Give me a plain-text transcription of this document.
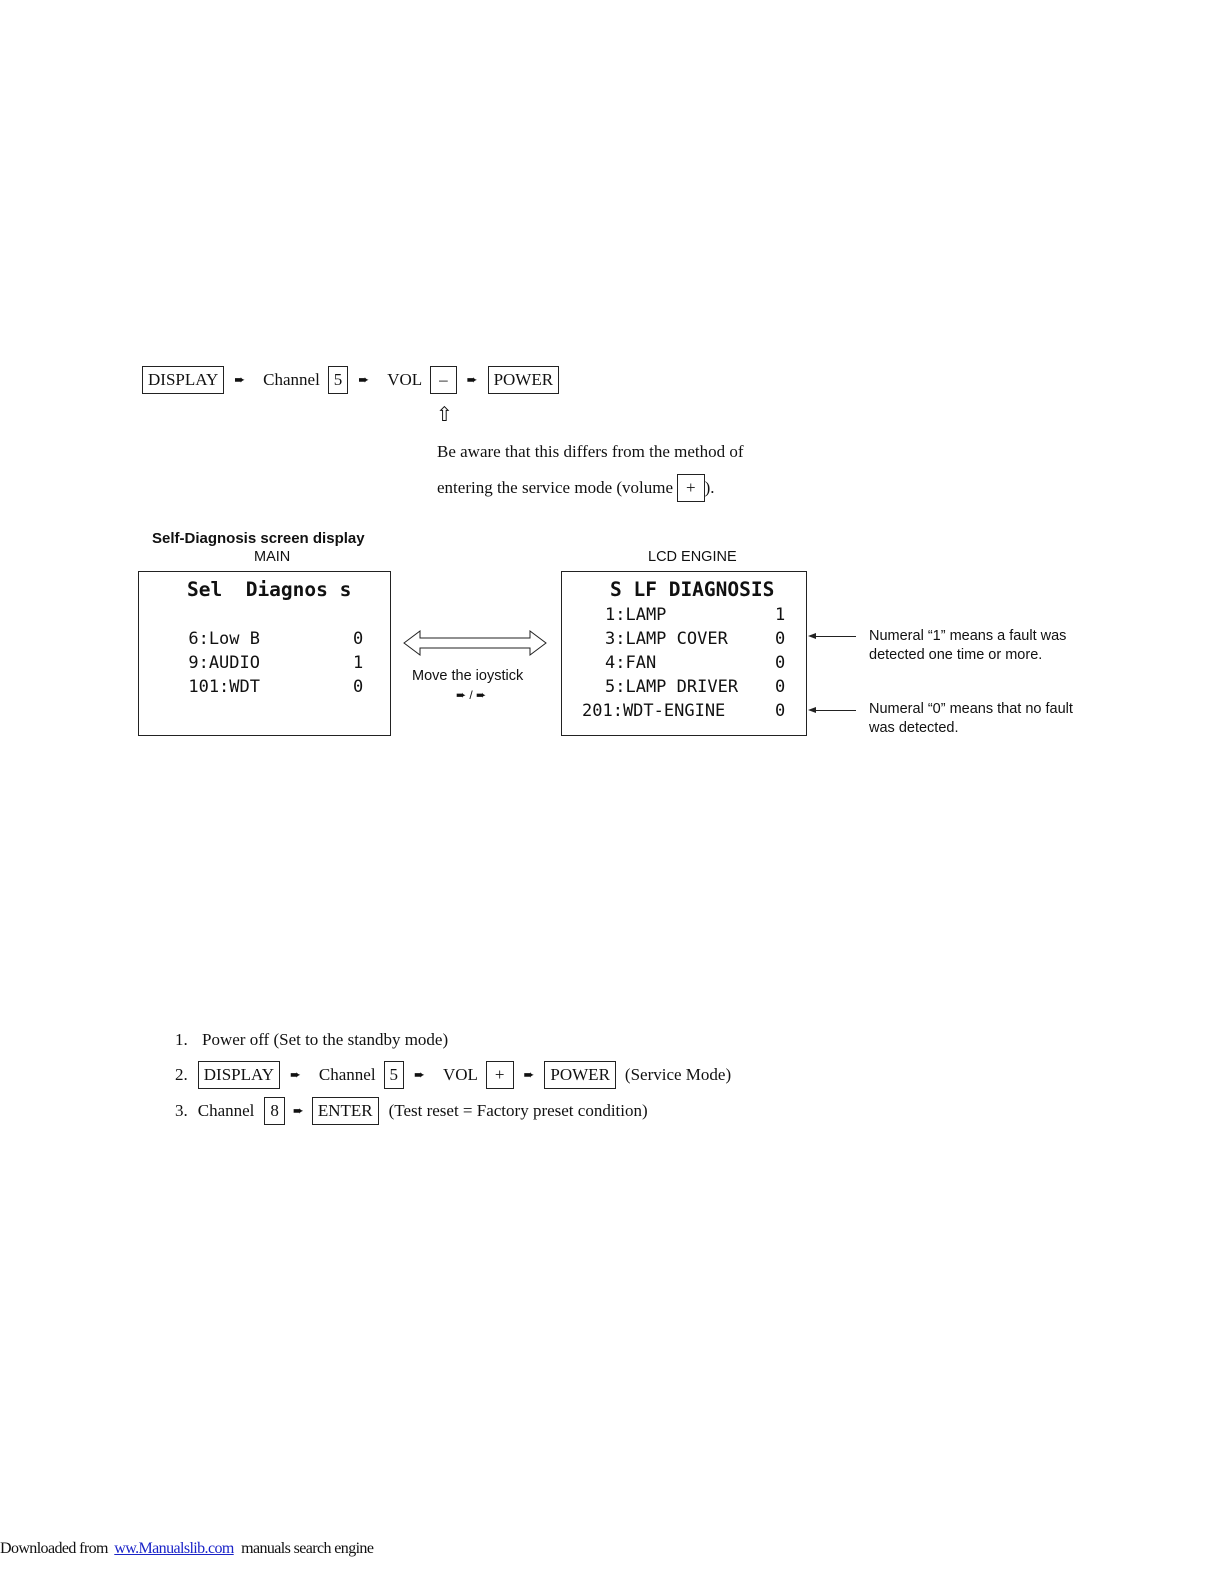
DISPLAY	➨ Channel 5	➨ VOL	–	➨ POWER
⇧
Be aware that this differs from the method of
entering the service mode (volume + ).
Self-Diagnosis screen display
MAIN	LCD ENGINE
Sel  Diagnos s
6:Low B	0
9:AUDIO	1
101:WDT	0
Move the ioystick
➨ / ➨
S LF DIAGNOSIS
1:LAMP	1
3:LAMP COVER	0
4:FAN	0
5:LAMP DRIVER 0
201:WDT-ENGINE	0
Numeral “1” means a fault was
detected one time or more.
Numeral “0” means that no fault
was detected.
1. Power off (Set to the standby mode)
2. DISPLAY	➨ Channel 5	➨ VOL	+	➨ POWER (Service Mode)
3. Channel 8	➨ ENTER (Test reset = Factory preset condition)
Downloaded from ww.Manualslib.com manuals search engine
